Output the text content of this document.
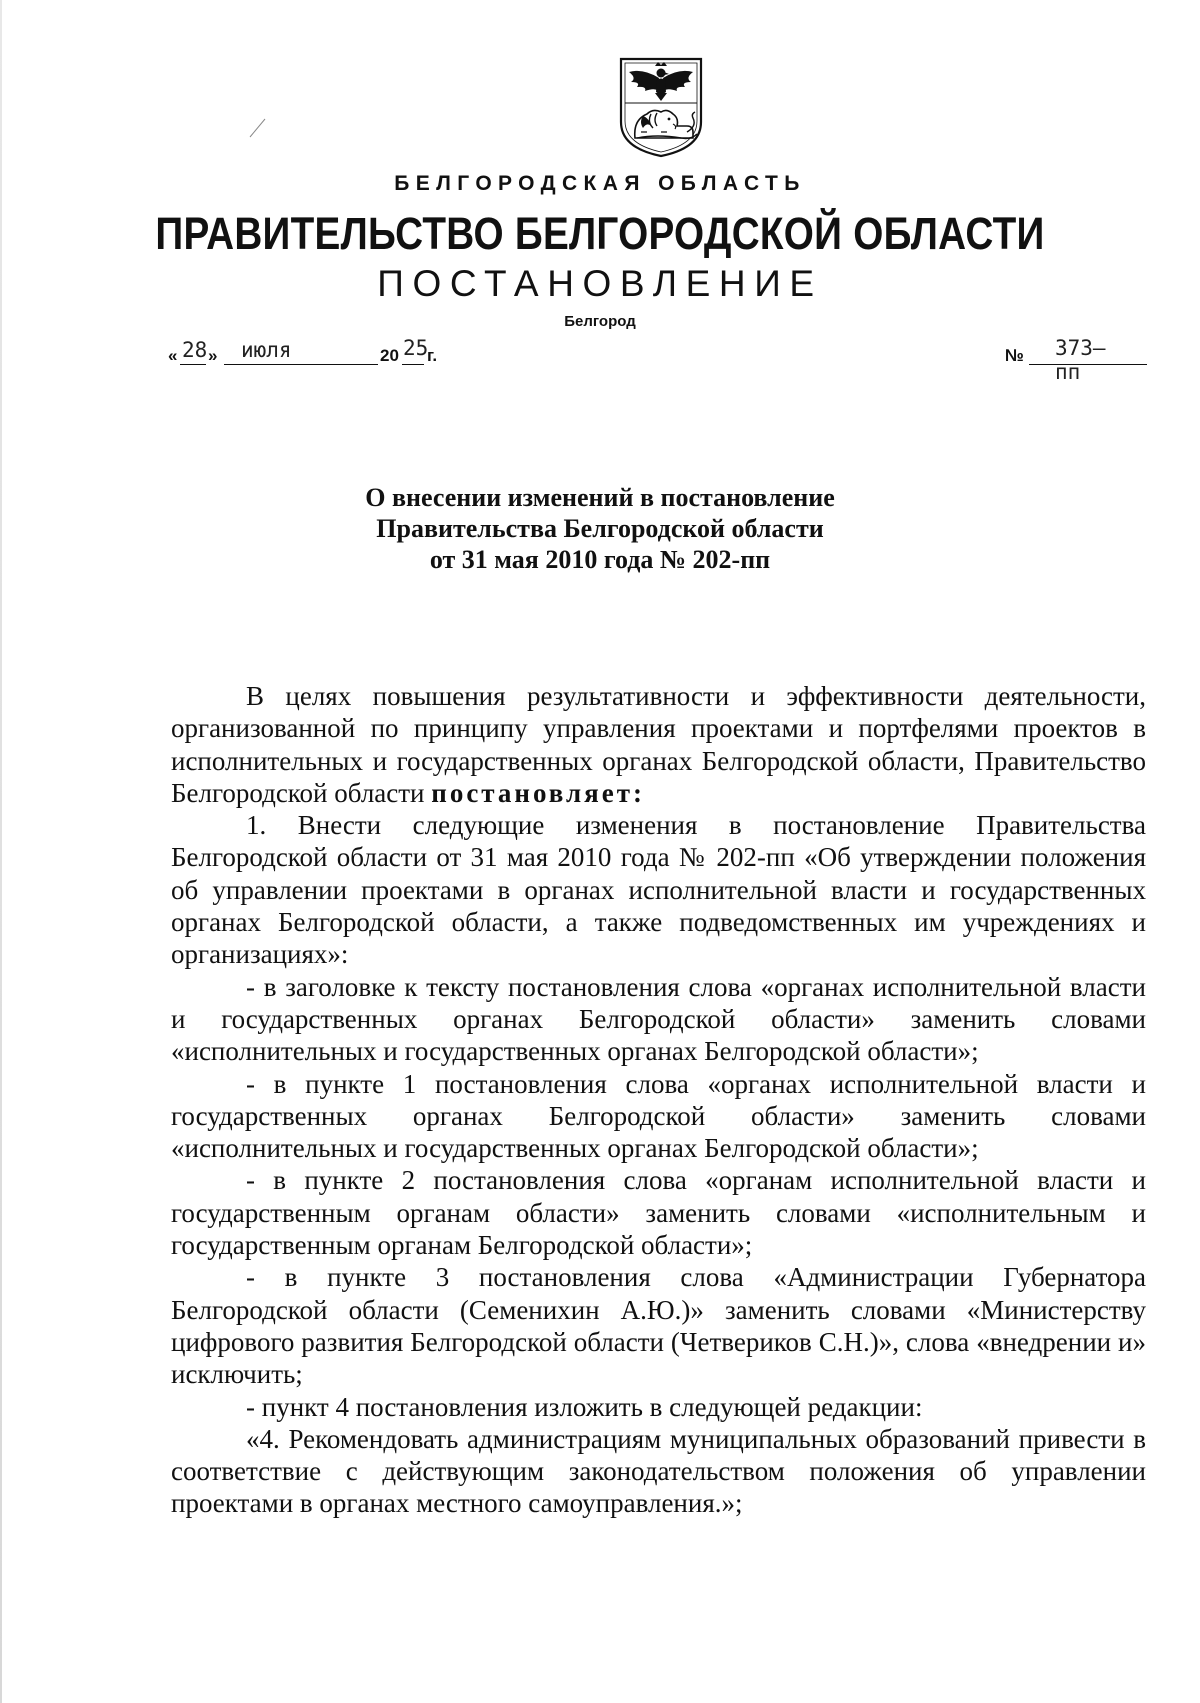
БЕЛГОРОДСКАЯ ОБЛАСТЬ
ПРАВИТЕЛЬСТВО БЕЛГОРОДСКОЙ ОБЛАСТИ
ПОСТАНОВЛЕНИЕ
Белгород
« 28 » июля	20 25
г.	№ 373–пп
О внесении изменений в постановление
Правительства Белгородской области
от 31 мая 2010 года № 202-пп

В целях повышения результативности и эффективности деятельности, организованной по принципу управления проектами и портфелями проектов в исполнительных и государственных органах Белгородской области, Правительство Белгородской области постановляет:

1. Внести следующие изменения в постановление Правительства Белгородской области от 31 мая 2010 года № 202-пп «Об утверждении положения об управлении проектами в органах исполнительной власти и государственных органах Белгородской области, а также подведомственных им учреждениях и организациях»:

- в заголовке к тексту постановления слова «органах исполнительной власти и государственных органах Белгородской области» заменить словами «исполнительных и государственных органах Белгородской области»;

- в пункте 1 постановления слова «органах исполнительной власти и государственных органах Белгородской области» заменить словами «исполнительных и государственных органах Белгородской области»;

- в пункте 2 постановления слова «органам исполнительной власти и государственным органам области» заменить словами «исполнительным и государственным органам Белгородской области»;

- в пункте 3 постановления слова «Администрации Губернатора Белгородской области (Семенихин А.Ю.)» заменить словами «Министерству цифрового развития Белгородской области (Четвериков С.Н.)», слова «внедрении и» исключить;

- пункт 4 постановления изложить в следующей редакции:

«4. Рекомендовать администрациям муниципальных образований привести в соответствие с действующим законодательством положения об управлении проектами в органах местного самоуправления.»;
